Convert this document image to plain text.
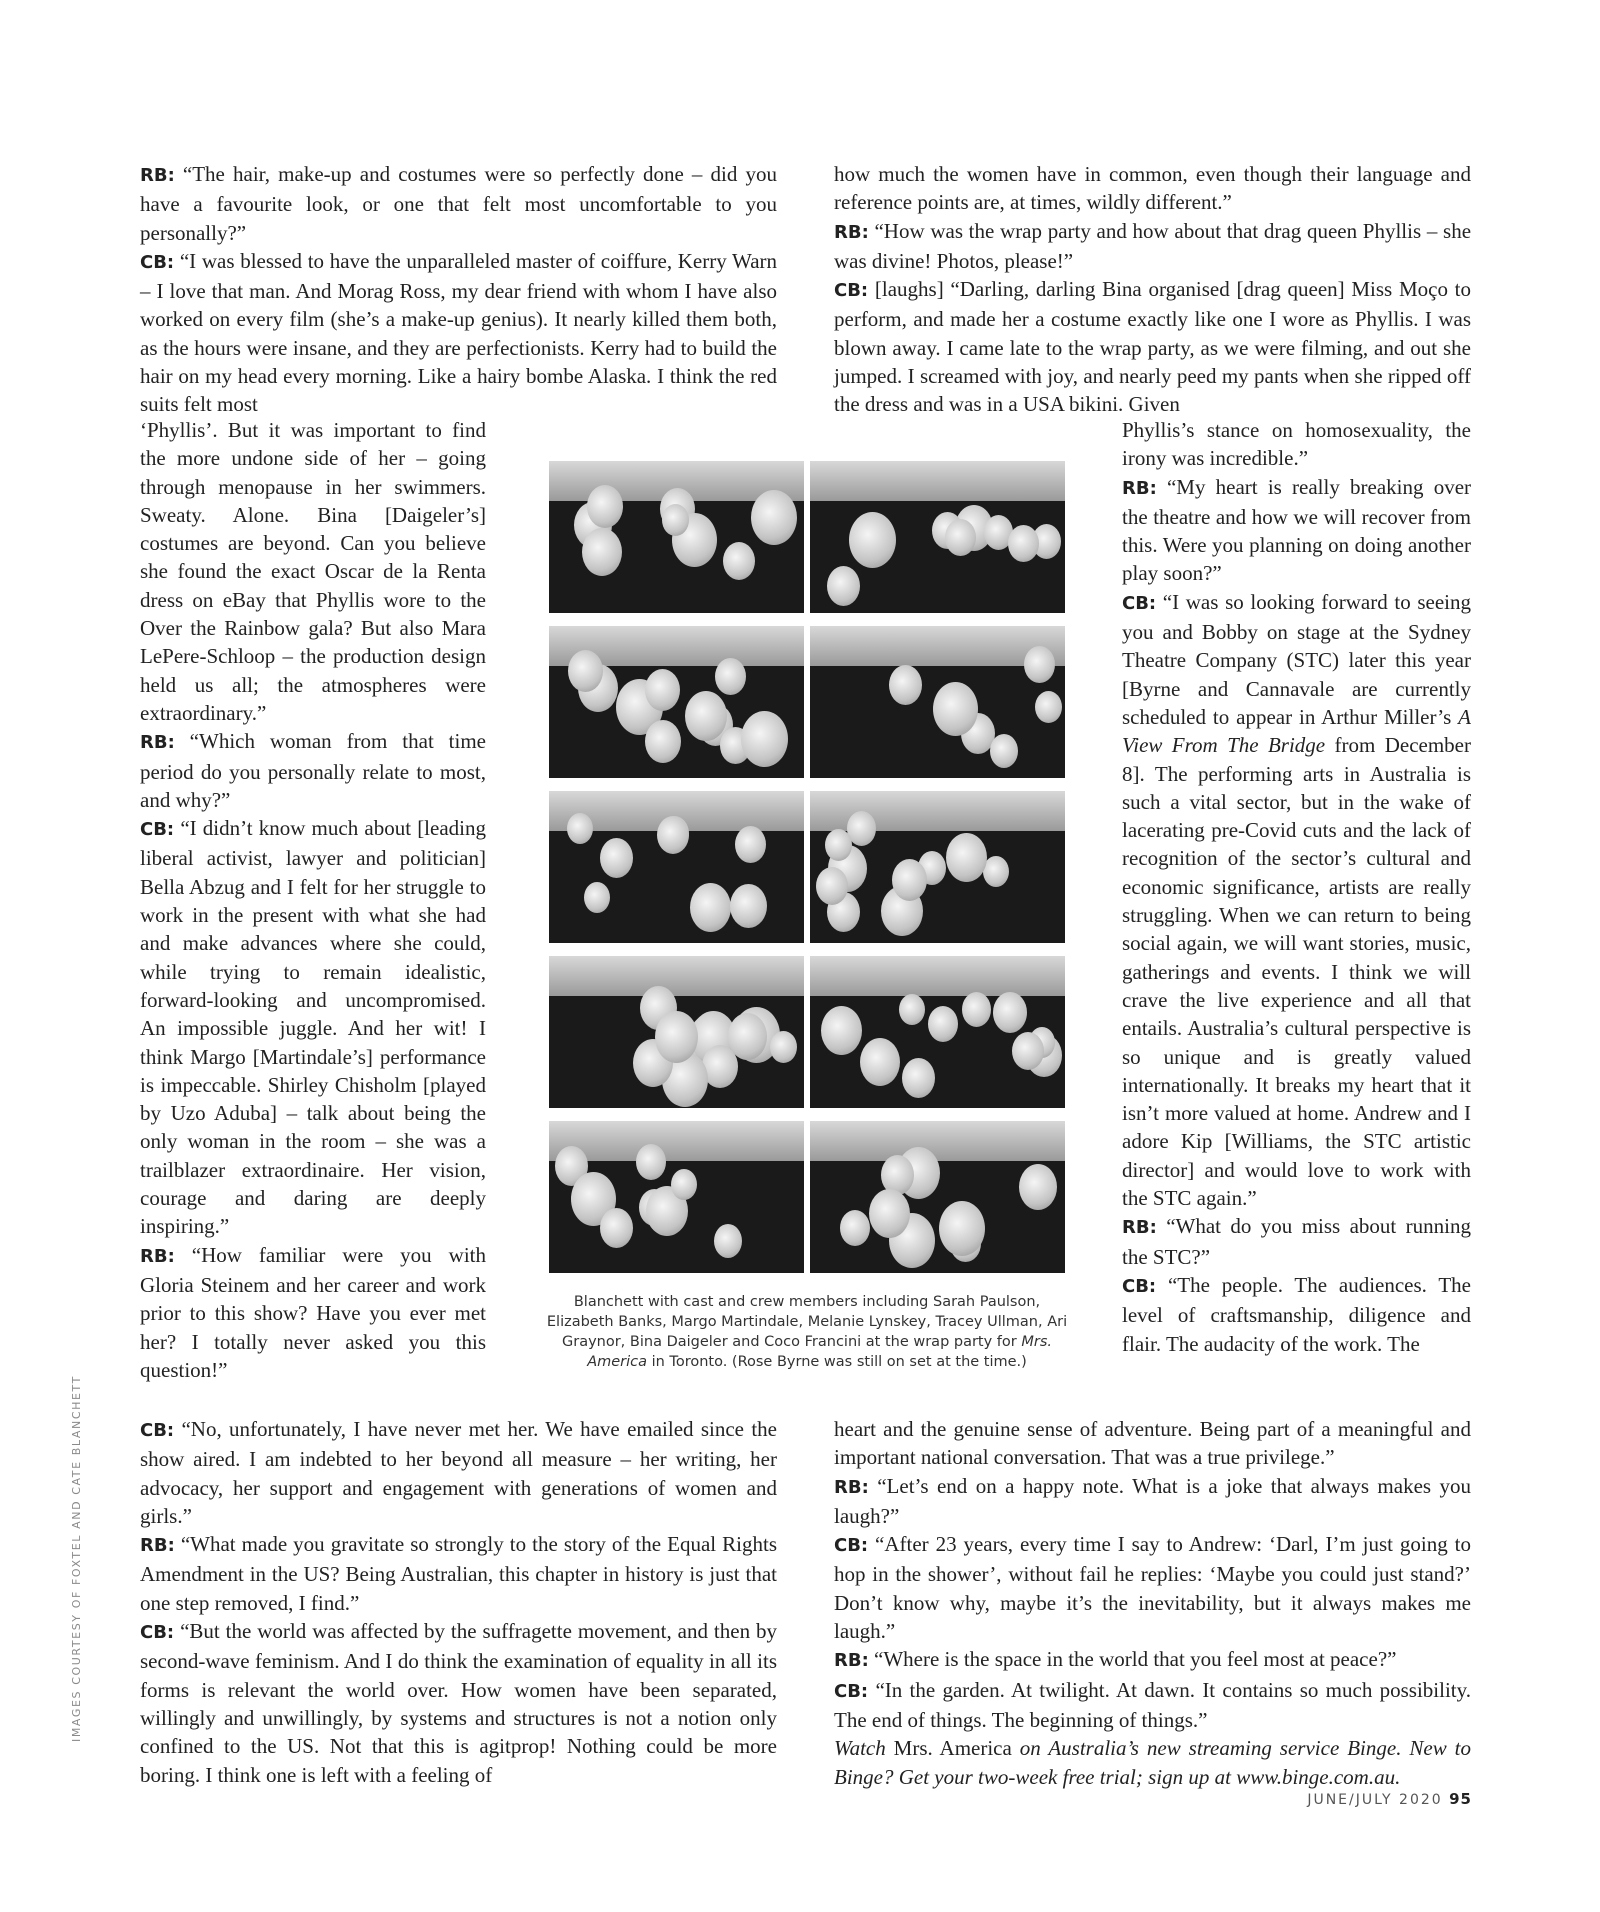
RB: “The hair, make-up and costumes were so perfectly done – did you have a favourite look, or one that felt most uncomfortable to you personally?”

CB: “I was blessed to have the unparalleled master of coiffure, Kerry Warn – I love that man. And Morag Ross, my dear friend with whom I have also worked on every film (she’s a make-up genius). It nearly killed them both, as the hours were insane, and they are perfectionists. Kerry had to build the hair on my head every morning. Like a hairy bombe Alaska. I think the red suits felt most

‘Phyllis’. But it was important to find the more undone side of her – going through menopause in her swimmers. Sweaty. Alone. Bina [Daigeler’s] costumes are beyond. Can you believe she found the exact Oscar de la Renta dress on eBay that Phyllis wore to the Over the Rainbow gala? But also Mara LePere-Schloop – the production design held us all; the atmospheres were extraordinary.”

RB: “Which woman from that time period do you personally relate to most, and why?”

CB: “I didn’t know much about [leading liberal activist, lawyer and politician] Bella Abzug and I felt for her struggle to work in the present with what she had and make advances where she could, while trying to remain idealistic, forward-looking and uncompromised. An impossible juggle. And her wit! I think Margo [Martindale’s] performance is impeccable. Shirley Chisholm [played by Uzo Aduba] – talk about being the only woman in the room – she was a trailblazer extraordinaire. Her vision, courage and daring are deeply inspiring.”

RB: “How familiar were you with Gloria Steinem and her career and work prior to this show? Have you ever met her? I totally never asked you this question!”

CB: “No, unfortunately, I have never met her. We have emailed since the show aired. I am indebted to her beyond all measure – her writing, her advocacy, her support and engagement with generations of women and girls.”

RB: “What made you gravitate so strongly to the story of the Equal Rights Amendment in the US? Being Australian, this chapter in history is just that one step removed, I find.”

CB: “But the world was affected by the suffragette movement, and then by second-wave feminism. And I do think the examination of equality in all its forms is relevant the world over. How women have been separated, willingly and unwillingly, by systems and structures is not a notion only confined to the US. Not that this is agitprop! Nothing could be more boring. I think one is left with a feeling of

how much the women have in common, even though their language and reference points are, at times, wildly different.”

RB: “How was the wrap party and how about that drag queen Phyllis – she was divine! Photos, please!”

CB: [laughs] “Darling, darling Bina organised [drag queen] Miss Moço to perform, and made her a costume exactly like one I wore as Phyllis. I was blown away. I came late to the wrap party, as we were filming, and out she jumped. I screamed with joy, and nearly peed my pants when she ripped off the dress and was in a USA bikini. Given

Phyllis’s stance on homosexuality, the irony was incredible.”

RB: “My heart is really breaking over the theatre and how we will recover from this. Were you planning on doing another play soon?”

CB: “I was so looking forward to seeing you and Bobby on stage at the Sydney Theatre Company (STC) later this year [Byrne and Cannavale are currently scheduled to appear in Arthur Miller’s A View From The Bridge from December 8]. The performing arts in Australia is such a vital sector, but in the wake of lacerating pre-Covid cuts and the lack of recognition of the sector’s cultural and economic significance, artists are really struggling. When we can return to being social again, we will want stories, music, gatherings and events. I think we will crave the live experience and all that entails. Australia’s cultural perspective is so unique and is greatly valued internationally. It breaks my heart that it isn’t more valued at home. Andrew and I adore Kip [Williams, the STC artistic director] and would love to work with the STC again.”

RB: “What do you miss about running the STC?”

CB: “The people. The audiences. The level of craftsmanship, diligence and flair. The audacity of the work. The

heart and the genuine sense of adventure. Being part of a meaningful and important national conversation. That was a true privilege.”

RB: “Let’s end on a happy note. What is a joke that always makes you laugh?”

CB: “After 23 years, every time I say to Andrew: ‘Darl, I’m just going to hop in the shower’, without fail he replies: ‘Maybe you could just stand?’ Don’t know why, maybe it’s the inevitability, but it always makes me laugh.”

RB: “Where is the space in the world that you feel most at peace?”

CB: “In the garden. At twilight. At dawn. It contains so much possibility. The end of things. The beginning of things.”

Watch Mrs. America on Australia’s new streaming service Binge. New to Binge? Get your two-week free trial; sign up at www.binge.com.au.

Blanchett with cast and crew members including Sarah Paulson, Elizabeth Banks, Margo Martindale, Melanie Lynskey, Tracey Ullman, Ari Graynor, Bina Daigeler and Coco Francini at the wrap party for Mrs. America in Toronto. (Rose Byrne was still on set at the time.)
IMAGES COURTESY OF FOXTEL AND CATE BLANCHETT
JUNE/JULY 2020 95
